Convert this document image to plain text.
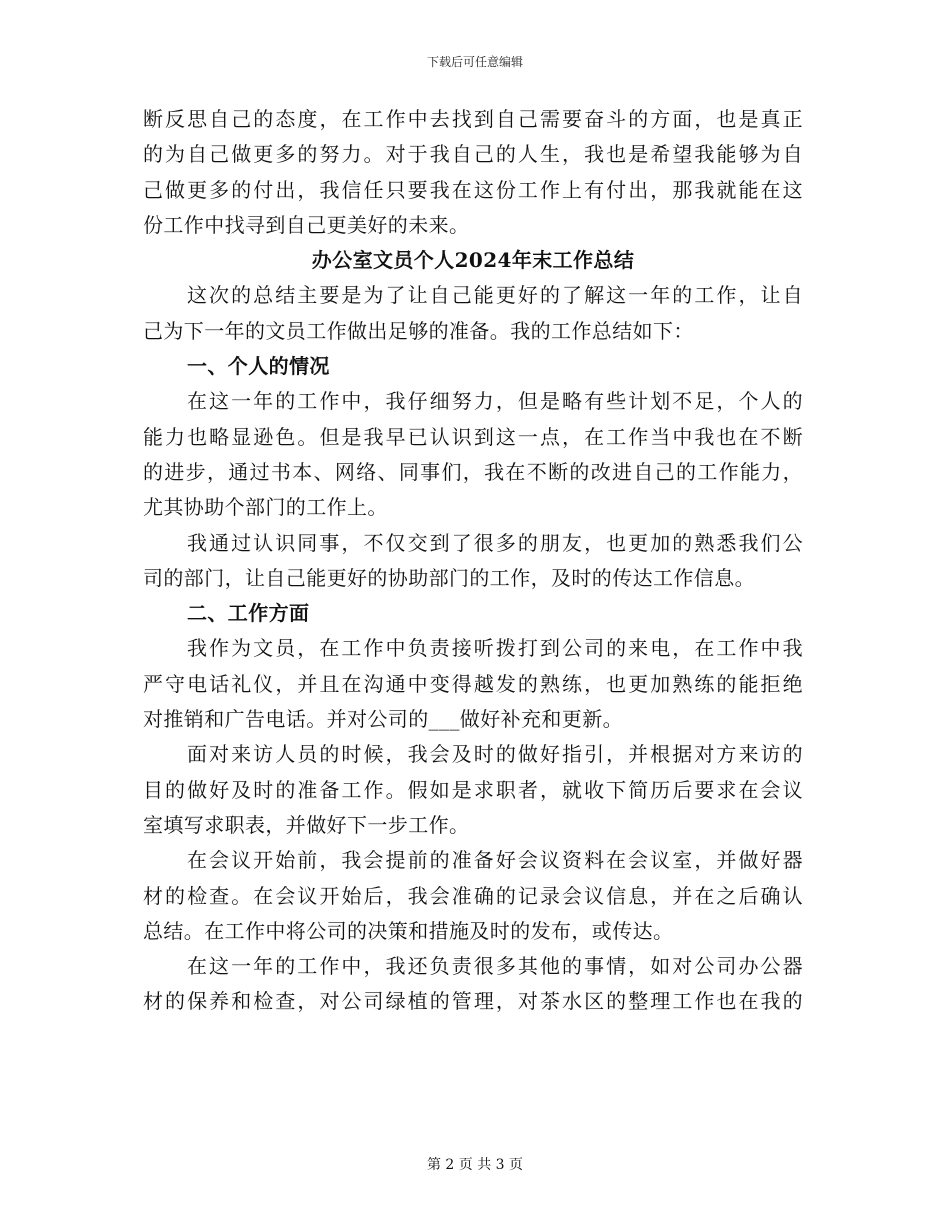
下载后可任意编辑
断反思自己的态度，在工作中去找到自己需要奋斗的方面，也是真正
的为自己做更多的努力。对于我自己的人生，我也是希望我能够为自
己做更多的付出，我信任只要我在这份工作上有付出，那我就能在这
份工作中找寻到自己更美好的未来。
办公室文员个人2024年末工作总结
这次的总结主要是为了让自己能更好的了解这一年的工作，让自
己为下一年的文员工作做出足够的准备。我的工作总结如下：
一、个人的情况
在这一年的工作中，我仔细努力，但是略有些计划不足，个人的
能力也略显逊色。但是我早已认识到这一点，在工作当中我也在不断
的进步，通过书本、网络、同事们，我在不断的改进自己的工作能力，
尤其协助个部门的工作上。
我通过认识同事，不仅交到了很多的朋友，也更加的熟悉我们公
司的部门，让自己能更好的协助部门的工作，及时的传达工作信息。
二、工作方面
我作为文员，在工作中负责接听拨打到公司的来电，在工作中我
严守电话礼仪，并且在沟通中变得越发的熟练，也更加熟练的能拒绝
对推销和广告电话。并对公司的___做好补充和更新。
面对来访人员的时候，我会及时的做好指引，并根据对方来访的
目的做好及时的准备工作。假如是求职者，就收下简历后要求在会议
室填写求职表，并做好下一步工作。
在会议开始前，我会提前的准备好会议资料在会议室，并做好器
材的检查。在会议开始后，我会准确的记录会议信息，并在之后确认
总结。在工作中将公司的决策和措施及时的发布，或传达。
在这一年的工作中，我还负责很多其他的事情，如对公司办公器
材的保养和检查，对公司绿植的管理，对茶水区的整理工作也在我的
第 2 页 共 3 页
